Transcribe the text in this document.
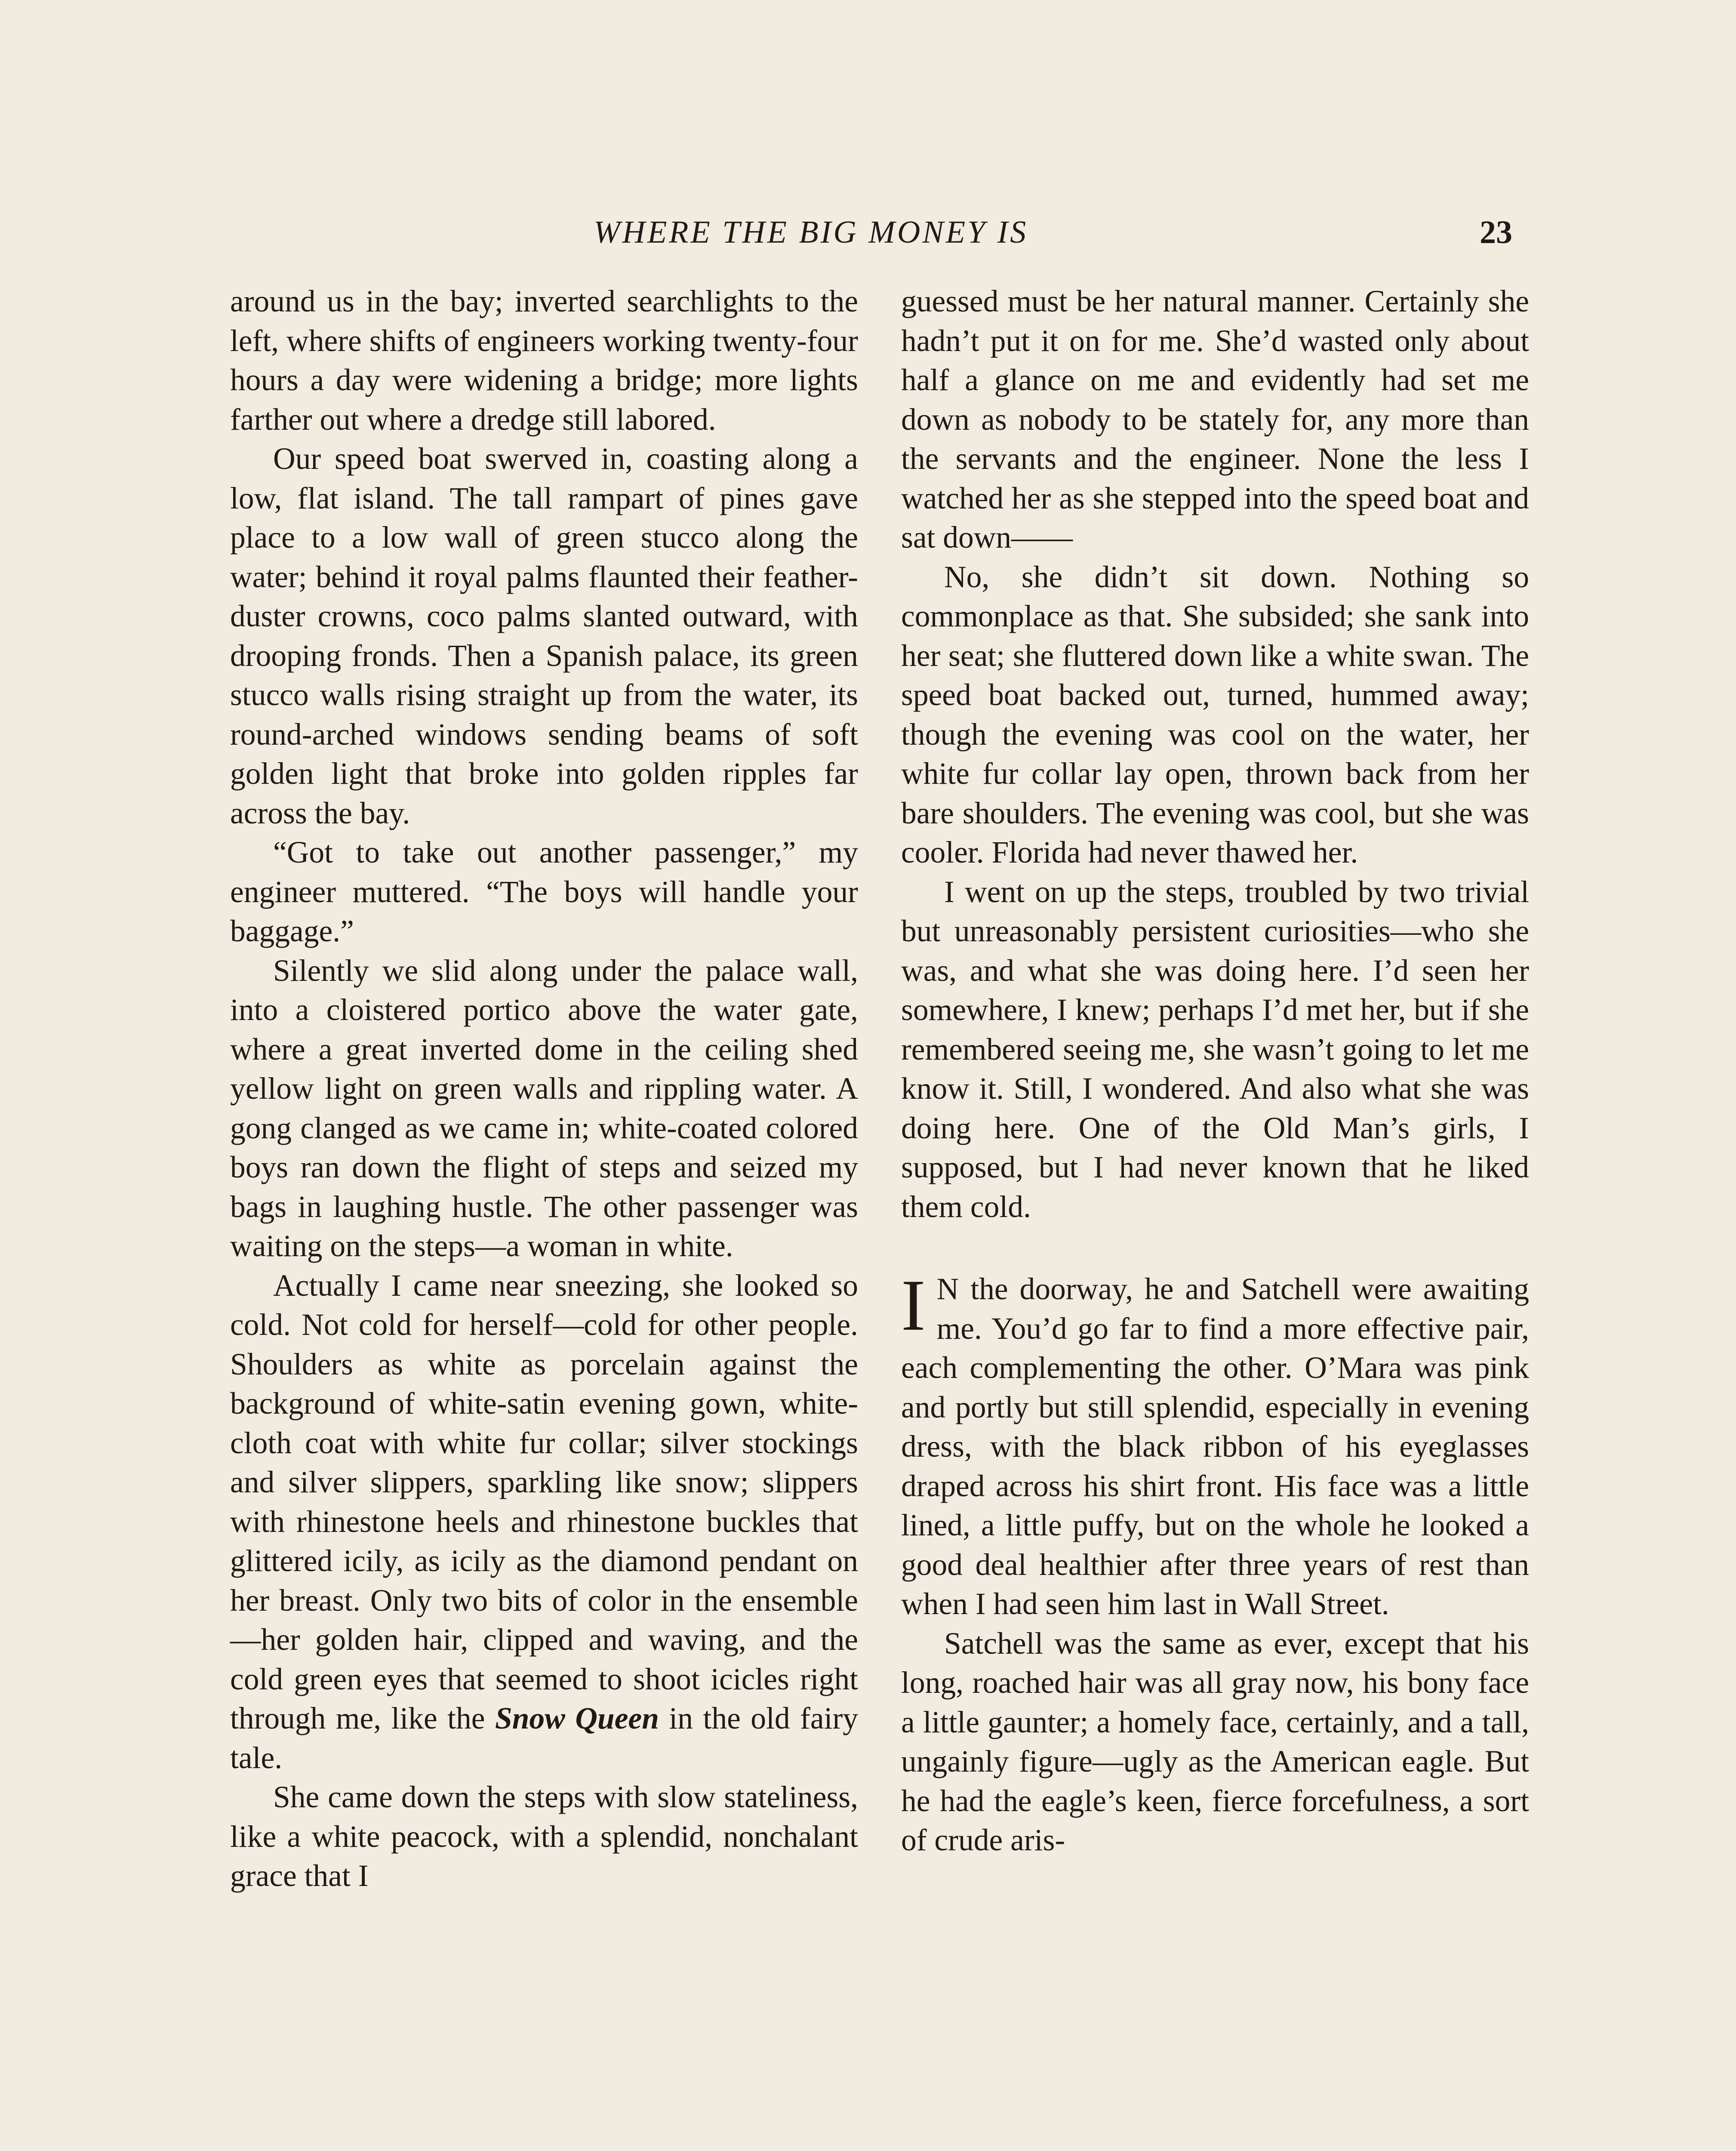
WHERE THE BIG MONEY IS	23

around us in the bay; inverted searchlights to the left, where shifts of engineers working twenty-four hours a day were widening a bridge; more lights farther out where a dredge still labored.

Our speed boat swerved in, coasting along a low, flat island. The tall rampart of pines gave place to a low wall of green stucco along the water; behind it royal palms flaunted their feather-duster crowns, coco palms slanted outward, with drooping fronds. Then a Spanish palace, its green stucco walls rising straight up from the water, its round-arched windows sending beams of soft golden light that broke into golden ripples far across the bay.

“Got to take out another passenger,” my engineer muttered. “The boys will handle your baggage.”

Silently we slid along under the palace wall, into a cloistered portico above the water gate, where a great inverted dome in the ceiling shed yellow light on green walls and rippling water. A gong clanged as we came in; white-coated colored boys ran down the flight of steps and seized my bags in laughing hustle. The other passenger was waiting on the steps—a woman in white.

Actually I came near sneezing, she looked so cold. Not cold for herself—cold for other people. Shoulders as white as porcelain against the background of white-satin evening gown, white-cloth coat with white fur collar; silver stockings and silver slippers, sparkling like snow; slippers with rhinestone heels and rhinestone buckles that glittered icily, as icily as the diamond pendant on her breast. Only two bits of color in the ensemble—her golden hair, clipped and waving, and the cold green eyes that seemed to shoot icicles right through me, like the Snow Queen in the old fairy tale.

She came down the steps with slow stateliness, like a white peacock, with a splendid, nonchalant grace that I

guessed must be her natural manner. Certainly she hadn’t put it on for me. She’d wasted only about half a glance on me and evidently had set me down as nobody to be stately for, any more than the servants and the engineer. None the less I watched her as she stepped into the speed boat and sat down——

No, she didn’t sit down. Nothing so commonplace as that. She subsided; she sank into her seat; she fluttered down like a white swan. The speed boat backed out, turned, hummed away; though the evening was cool on the water, her white fur collar lay open, thrown back from her bare shoulders. The evening was cool, but she was cooler. Florida had never thawed her.

I went on up the steps, troubled by two trivial but unreasonably persistent curiosities—who she was, and what she was doing here. I’d seen her somewhere, I knew; perhaps I’d met her, but if she remembered seeing me, she wasn’t going to let me know it. Still, I wondered. And also what she was doing here. One of the Old Man’s girls, I supposed, but I had never known that he liked them cold.

I N the doorway, he and Satchell were awaiting me. You’d go far to find a more effective pair, each complementing the other. O’Mara was pink and portly but still splendid, especially in evening dress, with the black ribbon of his eyeglasses draped across his shirt front. His face was a little lined, a little puffy, but on the whole he looked a good deal healthier after three years of rest than when I had seen him last in Wall Street.

Satchell was the same as ever, except that his long, roached hair was all gray now, his bony face a little gaunter; a homely face, certainly, and a tall, ungainly figure—ugly as the American eagle. But he had the eagle’s keen, fierce forcefulness, a sort of crude aris-
